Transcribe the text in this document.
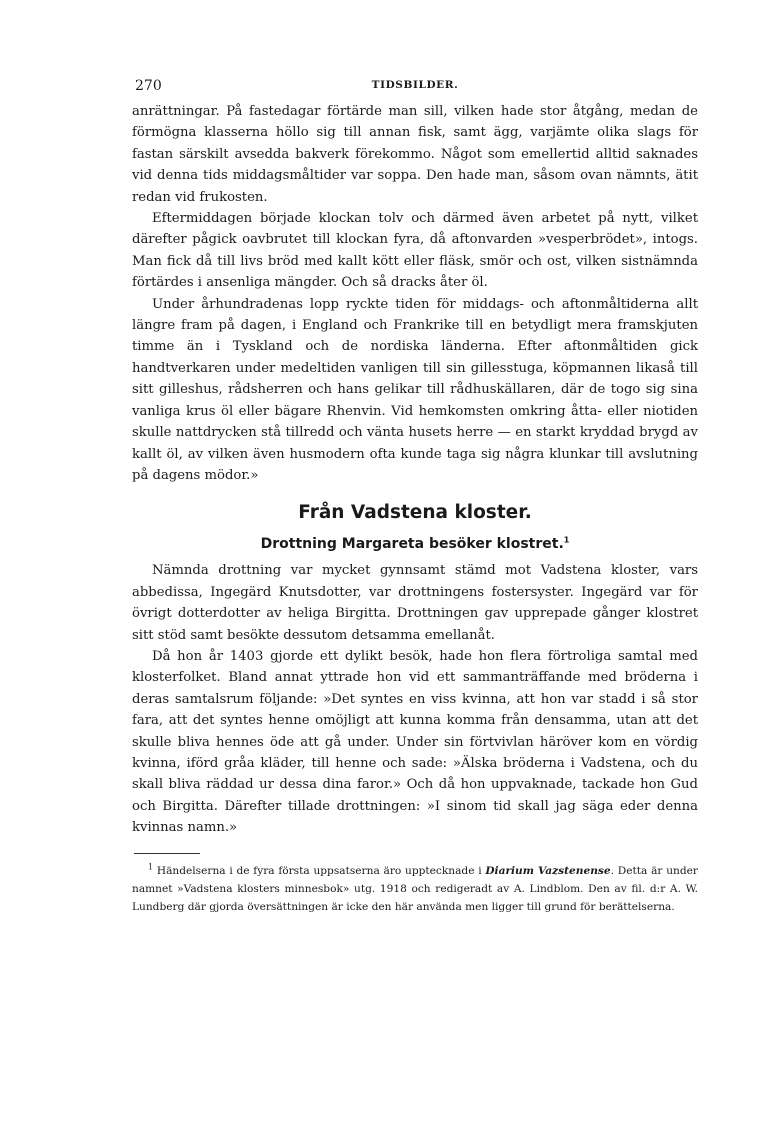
270	TIDSBILDER.

anrättningar. På fastedagar förtärde man sill, vilken hade stor åtgång, medan de förmögna klasserna höllo sig till annan fisk, samt ägg, varjämte olika slags för fastan särskilt avsedda bakverk förekommo. Något som emellertid alltid saknades vid denna tids middagsmåltider var soppa. Den hade man, såsom ovan nämnts, ätit redan vid frukosten.

Eftermiddagen började klockan tolv och därmed även arbetet på nytt, vilket därefter pågick oavbrutet till klockan fyra, då aftonvarden »vesperbrödet», intogs. Man fick då till livs bröd med kallt kött eller fläsk, smör och ost, vilken sistnämnda förtärdes i ansenliga mängder. Och så dracks åter öl.

Under århundradenas lopp ryckte tiden för middags- och aftonmåltiderna allt längre fram på dagen, i England och Frankrike till en betydligt mera framskjuten timme än i Tyskland och de nordiska länderna. Efter aftonmåltiden gick handtverkaren under medeltiden vanligen till sin gillesstuga, köpmannen likaså till sitt gilleshus, rådsherren och hans gelikar till rådhuskällaren, där de togo sig sina vanliga krus öl eller bägare Rhenvin. Vid hemkomsten omkring åtta- eller niotiden skulle nattdrycken stå tillredd och vänta husets herre — en starkt kryddad brygd av kallt öl, av vilken även husmodern ofta kunde taga sig några klunkar till avslutning på dagens mödor.»

Från Vadstena kloster.
Drottning Margareta besöker klostret.$^1$

Nämnda drottning var mycket gynnsamt stämd mot Vadstena kloster, vars abbedissa, Ingegärd Knutsdotter, var drottningens fostersyster. Ingegärd var för övrigt dotterdotter av heliga Birgitta. Drottningen gav upprepade gånger klostret sitt stöd samt besökte dessutom detsamma emellanåt.

Då hon år 1403 gjorde ett dylikt besök, hade hon flera förtroliga samtal med klosterfolket. Bland annat yttrade hon vid ett sammanträffande med bröderna i deras samtalsrum följande: »Det syntes en viss kvinna, att hon var stadd i så stor fara, att det syntes henne omöjligt att kunna komma från densamma, utan att det skulle bliva hennes öde att gå under. Under sin förtvivlan häröver kom en vördig kvinna, iförd gråa kläder, till henne och sade: »Älska bröderna i Vadstena, och du skall bliva räddad ur dessa dina faror.» Och då hon uppvaknade, tackade hon Gud och Birgitta. Därefter tillade drottningen: »I sinom tid skall jag säga eder denna kvinnas namn.»

$^1$ Händelserna i de fyra första uppsatserna äro upptecknade i Diarium Vazstenense. Detta är under namnet »Vadstena klosters minnesbok» utg. 1918 och redigeradt av A. Lindblom. Den av fil. d:r A. W. Lundberg där gjorda översättningen är icke den här använda men ligger till grund för berättelserna.
